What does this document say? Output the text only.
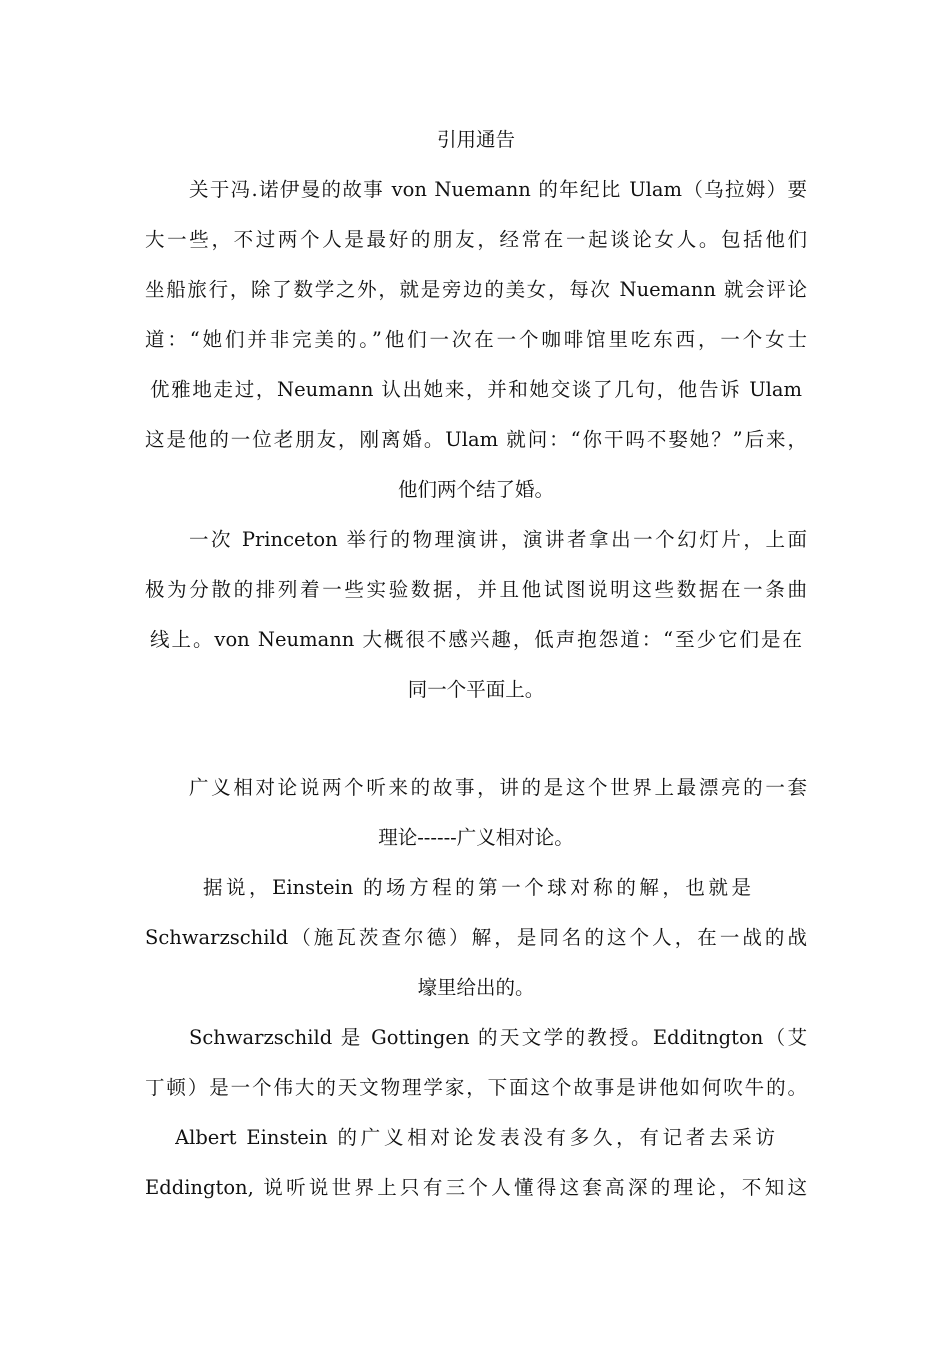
引用通告
关于冯.诺伊曼的故事 von Nuemann 的年纪比 Ulam（乌拉姆）要
大一些，不过两个人是最好的朋友，经常在一起谈论女人。包括他们
坐船旅行，除了数学之外，就是旁边的美女，每次 Nuemann 就会评论
道：“她们并非完美的。”他们一次在一个咖啡馆里吃东西，一个女士
优雅地走过，Neumann 认出她来，并和她交谈了几句，他告诉 Ulam
这是他的一位老朋友，刚离婚。Ulam 就问：“你干吗不娶她？”后来，
他们两个结了婚。
一次 Princeton 举行的物理演讲，演讲者拿出一个幻灯片，上面
极为分散的排列着一些实验数据，并且他试图说明这些数据在一条曲
线上。von Neumann 大概很不感兴趣，低声抱怨道：“至少它们是在
同一个平面上。
广义相对论说两个听来的故事，讲的是这个世界上最漂亮的一套
理论------广义相对论。
据说，Einstein 的场方程的第一个球对称的解，也就是
Schwarzschild（施瓦茨查尔德）解，是同名的这个人，在一战的战
壕里给出的。
Schwarzschild 是 Gottingen 的天文学的教授。Edditngton（艾
丁顿）是一个伟大的天文物理学家，下面这个故事是讲他如何吹牛的。
Albert Einstein 的广义相对论发表没有多久，有记者去采访
Eddington, 说听说世界上只有三个人懂得这套高深的理论，不知这
